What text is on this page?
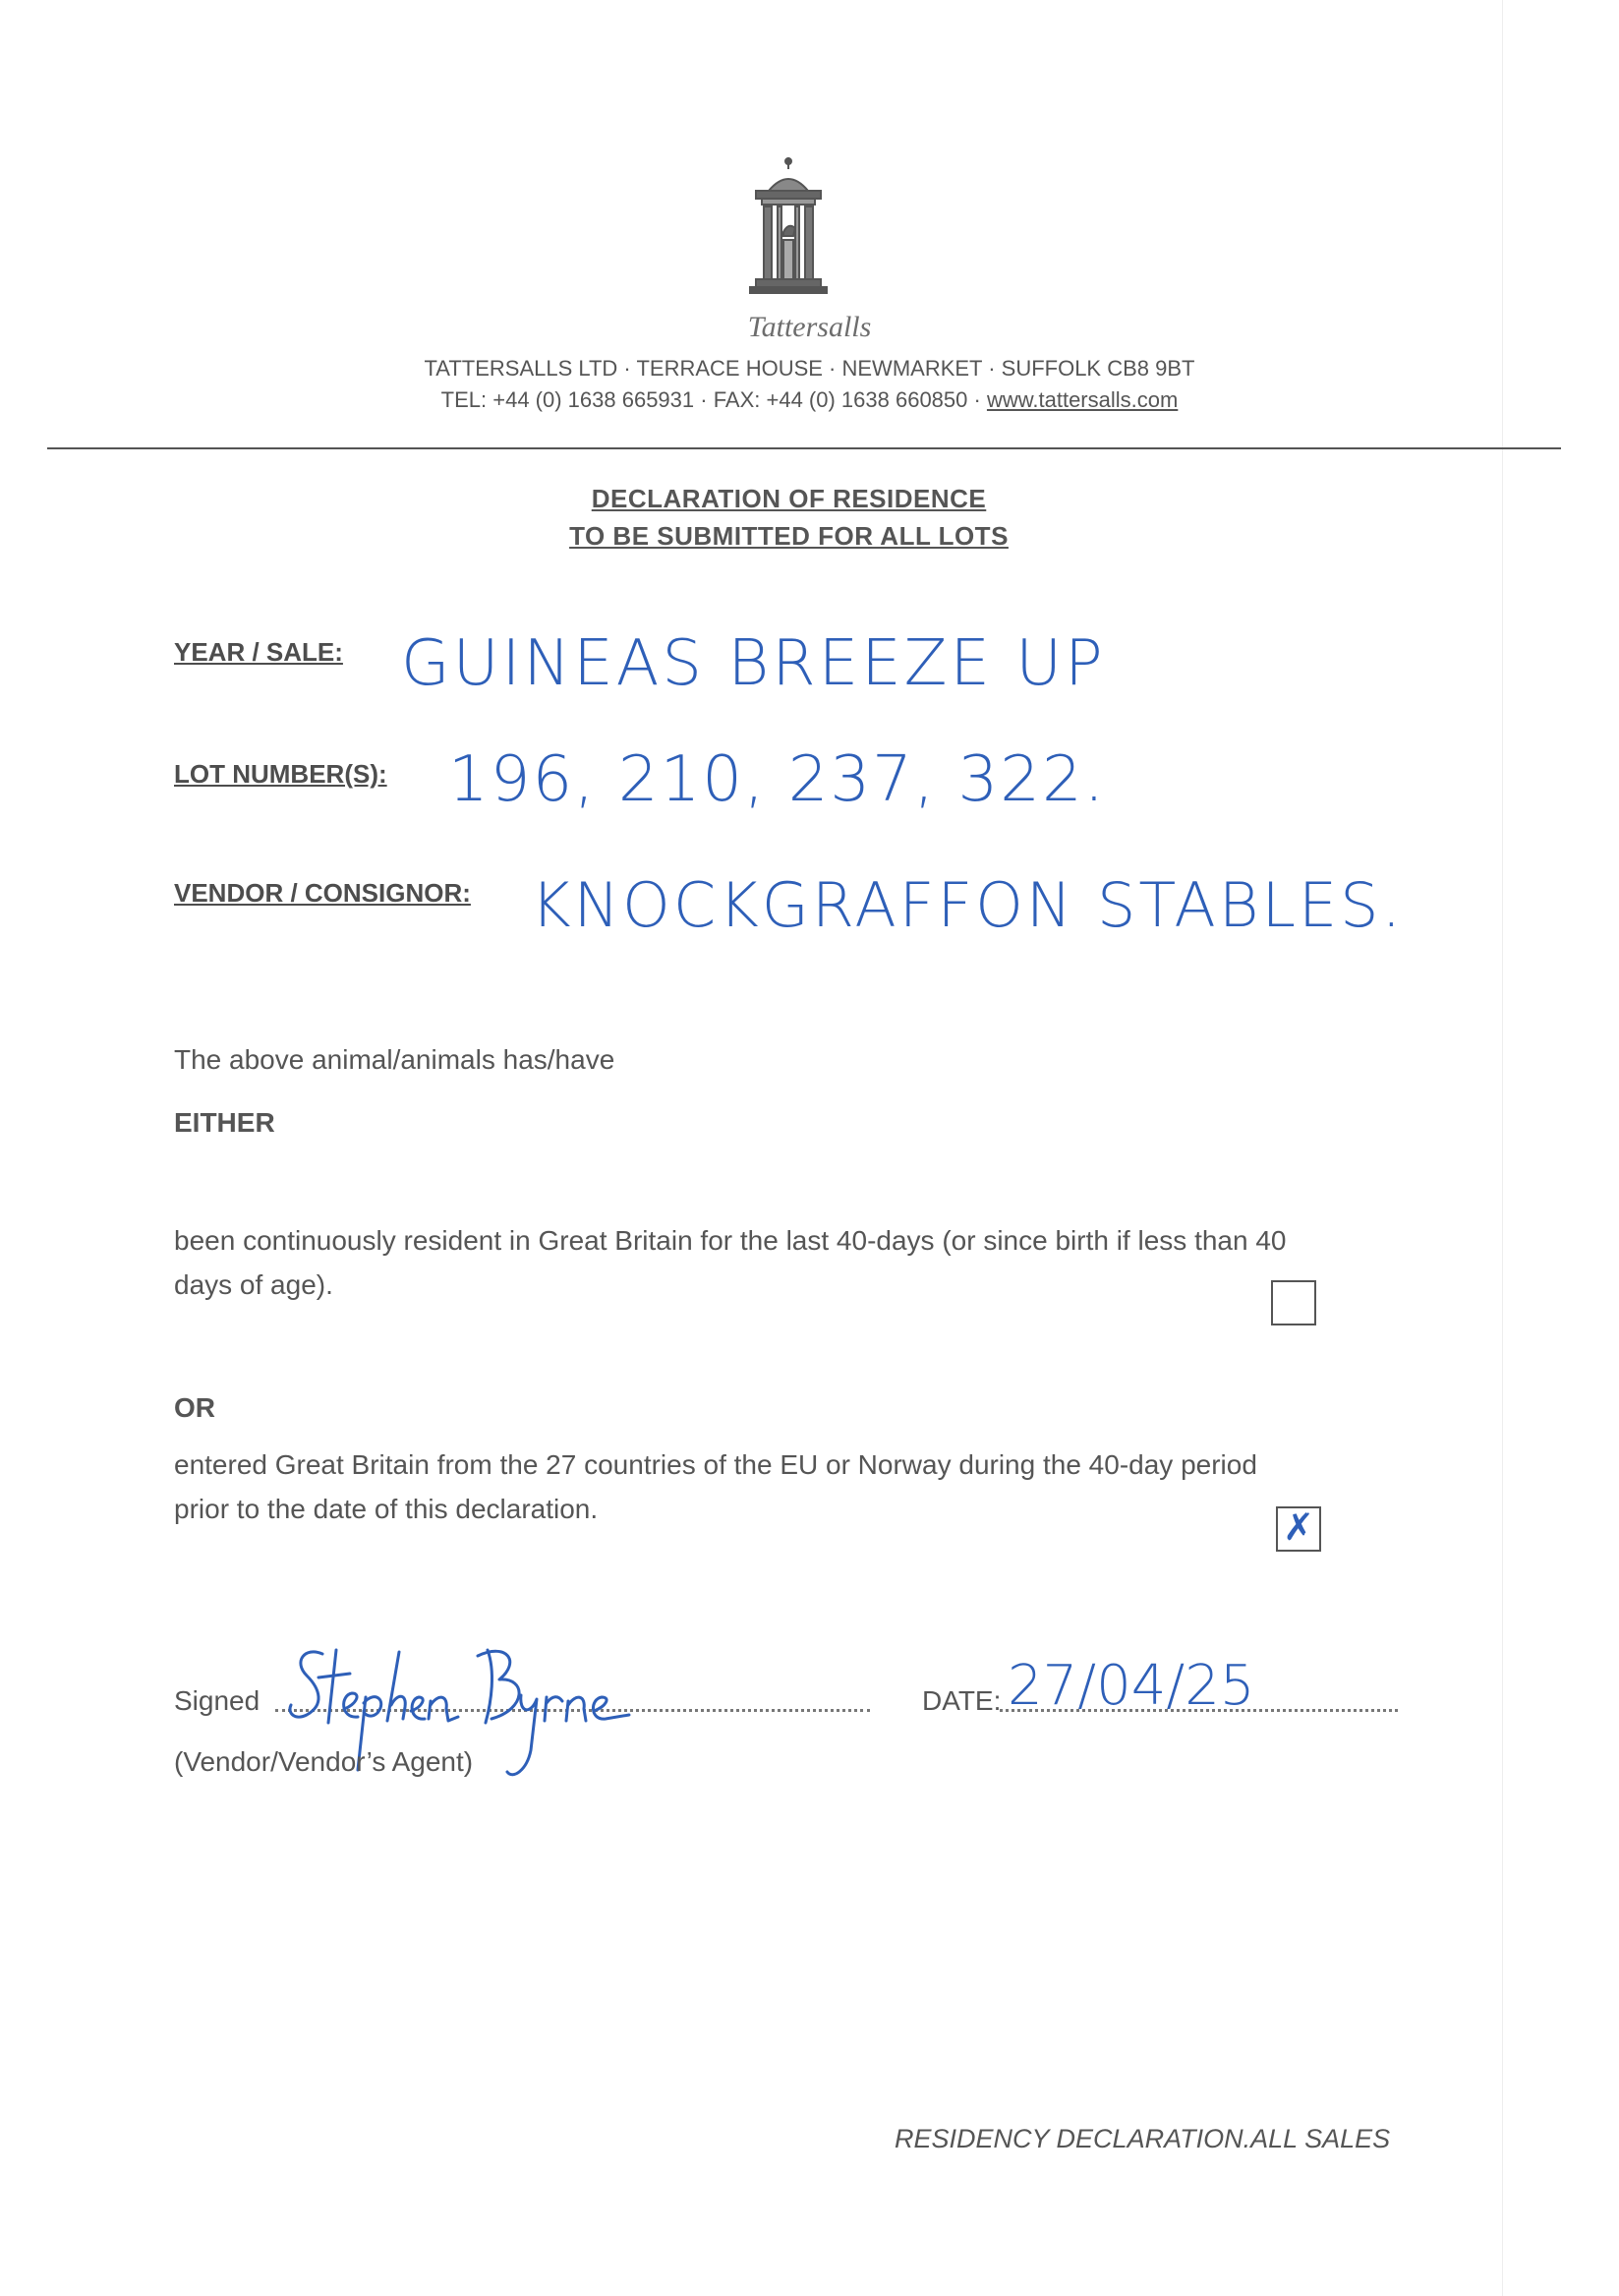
Tattersalls
TATTERSALLS LTD · TERRACE HOUSE · NEWMARKET · SUFFOLK CB8 9BT
TEL: +44 (0) 1638 665931 · FAX: +44 (0) 1638 660850 · www.tattersalls.com
DECLARATION OF RESIDENCE
TO BE SUBMITTED FOR ALL LOTS
YEAR / SALE: GUINEAS BREEZE UP
LOT NUMBER(S): 196, 210, 237, 322.
VENDOR / CONSIGNOR: KNOCKGRAFFON STABLES.
The above animal/animals has/have
EITHER
been continuously resident in Great Britain for the last 40-days (or since birth if less than 40
days of age).
OR
entered Great Britain from the 27 countries of the EU or Norway during the 40-day period
prior to the date of this declaration.	✗
Signed	DATE: 27/04/25
(Vendor/Vendor’s Agent)
RESIDENCY DECLARATION.ALL SALES
